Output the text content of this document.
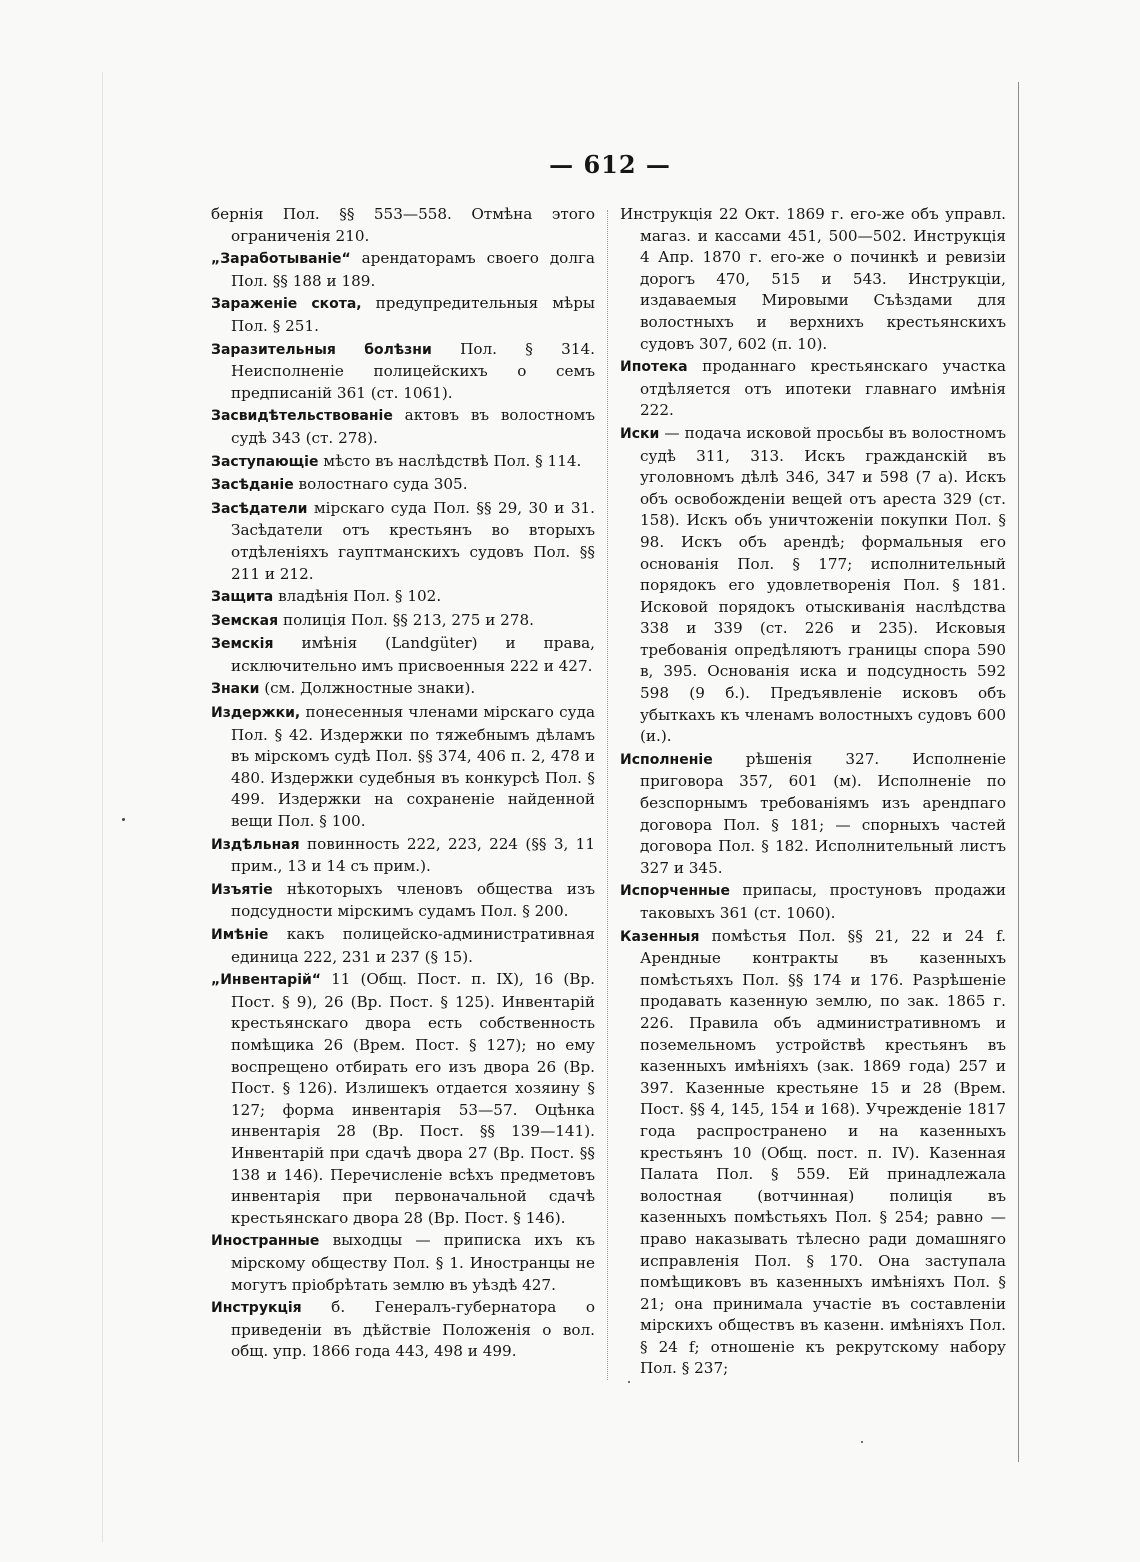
— 612 —

бернія Пол. §§ 553—558. Отмѣна этого ограниченія 210.

„Заработываніе“ арендаторамъ своего долга Пол. §§ 188 и 189.

Зараженіе скота, предупредительныя мѣры Пол. § 251.

Заразительныя болѣзни Пол. § 314. Неисполненіе полицейскихъ о семъ предписаній 361 (ст. 1061).

Засвидѣтельствованіе актовъ въ волостномъ судѣ 343 (ст. 278).

Заступающіе мѣсто въ наслѣдствѣ Пол. § 114.

Засѣданіе волостнаго суда 305.

Засѣдатели мірскаго суда Пол. §§ 29, 30 и 31. Засѣдатели отъ крестьянъ во вторыхъ отдѣленіяхъ гауптманскихъ судовъ Пол. §§ 211 и 212.

Защита владѣнія Пол. § 102.

Земская полиція Пол. §§ 213, 275 и 278.

Земскія имѣнія (Landgüter) и права, исключительно имъ присвоенныя 222 и 427.

Знаки (см. Должностные знаки).

Издержки, понесенныя членами мірскаго суда Пол. § 42. Издержки по тяжебнымъ дѣламъ въ мірскомъ судѣ Пол. §§ 374, 406 п. 2, 478 и 480. Издержки судебныя въ конкурсѣ Пол. § 499. Издержки на сохраненіе найденной вещи Пол. § 100.

Издѣльная повинность 222, 223, 224 (§§ 3, 11 прим., 13 и 14 съ прим.).

Изъятіе нѣкоторыхъ членовъ общества изъ подсудности мірскимъ судамъ Пол. § 200.

Имѣніе какъ полицейско-административная единица 222, 231 и 237 (§ 15).

„Инвентарій“ 11 (Общ. Пост. п. IX), 16 (Вр. Пост. § 9), 26 (Вр. Пост. § 125). Инвентарій крестьянскаго двора есть собственность помѣщика 26 (Врем. Пост. § 127); но ему воспрещено отбирать его изъ двора 26 (Вр. Пост. § 126). Излишекъ отдается хозяину § 127; форма инвентарія 53—57. Оцѣнка инвентарія 28 (Вр. Пост. §§ 139—141). Инвентарій при сдачѣ двора 27 (Вр. Пост. §§ 138 и 146). Перечисленіе всѣхъ предметовъ инвентарія при первоначальной сдачѣ крестьянскаго двора 28 (Вр. Пост. § 146).

Иностранные выходцы — приписка ихъ къ мірскому обществу Пол. § 1. Иностранцы не могутъ пріобрѣтать землю въ уѣздѣ 427.

Инструкція б. Генералъ-губернатора о приведеніи въ дѣйствіе Положенія о вол. общ. упр. 1866 года 443, 498 и 499.

Инструкція 22 Окт. 1869 г. его-же объ управл. магаз. и кассами 451, 500—502. Инструкція 4 Апр. 1870 г. его-же о починкѣ и ревизіи дорогъ 470, 515 и 543. Инструкціи, издаваемыя Мировыми Съѣздами для волостныхъ и верхнихъ крестьянскихъ судовъ 307, 602 (п. 10).

Ипотека проданнаго крестьянскаго участка отдѣляется отъ ипотеки главнаго имѣнія 222.

Иски — подача исковой просьбы въ волостномъ судѣ 311, 313. Искъ гражданскій въ уголовномъ дѣлѣ 346, 347 и 598 (7 а). Искъ объ освобожденіи вещей отъ ареста 329 (ст. 158). Искъ объ уничтоженіи покупки Пол. § 98. Искъ объ арендѣ; формальныя его основанія Пол. § 177; исполнительный порядокъ его удовлетворенія Пол. § 181. Исковой порядокъ отыскиванія наслѣдства 338 и 339 (ст. 226 и 235). Исковыя требованія опредѣляютъ границы спора 590 в, 395. Основанія иска и подсудность 592 598 (9 б.). Предъявленіе исковъ объ убыткахъ къ членамъ волостныхъ судовъ 600 (и.).

Исполненіе рѣшенія 327. Исполненіе приговора 357, 601 (м). Исполненіе по безспорнымъ требованіямъ изъ арендпаго договора Пол. § 181; — спорныхъ частей договора Пол. § 182. Исполнительный листъ 327 и 345.

Испорченные припасы, простуновъ продажи таковыхъ 361 (ст. 1060).

Казенныя помѣстья Пол. §§ 21, 22 и 24 f. Арендные контракты въ казенныхъ помѣстьяхъ Пол. §§ 174 и 176. Разрѣшеніе продавать казенную землю, по зак. 1865 г. 226. Правила объ административномъ и поземельномъ устройствѣ крестьянъ въ казенныхъ имѣніяхъ (зак. 1869 года) 257 и 397. Казенные крестьяне 15 и 28 (Врем. Пост. §§ 4, 145, 154 и 168). Учрежденіе 1817 года распространено и на казенныхъ крестьянъ 10 (Общ. пост. п. IV). Казенная Палата Пол. § 559. Ей принадлежала волостная (вотчинная) полиція въ казенныхъ помѣстьяхъ Пол. § 254; равно — право наказывать тѣлесно ради домашняго исправленія Пол. § 170. Она заступала помѣщиковъ въ казенныхъ имѣніяхъ Пол. § 21; она принимала участіе въ составленіи мірскихъ обществъ въ казенн. имѣніяхъ Пол. § 24 f; отношеніе къ рекрутскому набору Пол. § 237;
